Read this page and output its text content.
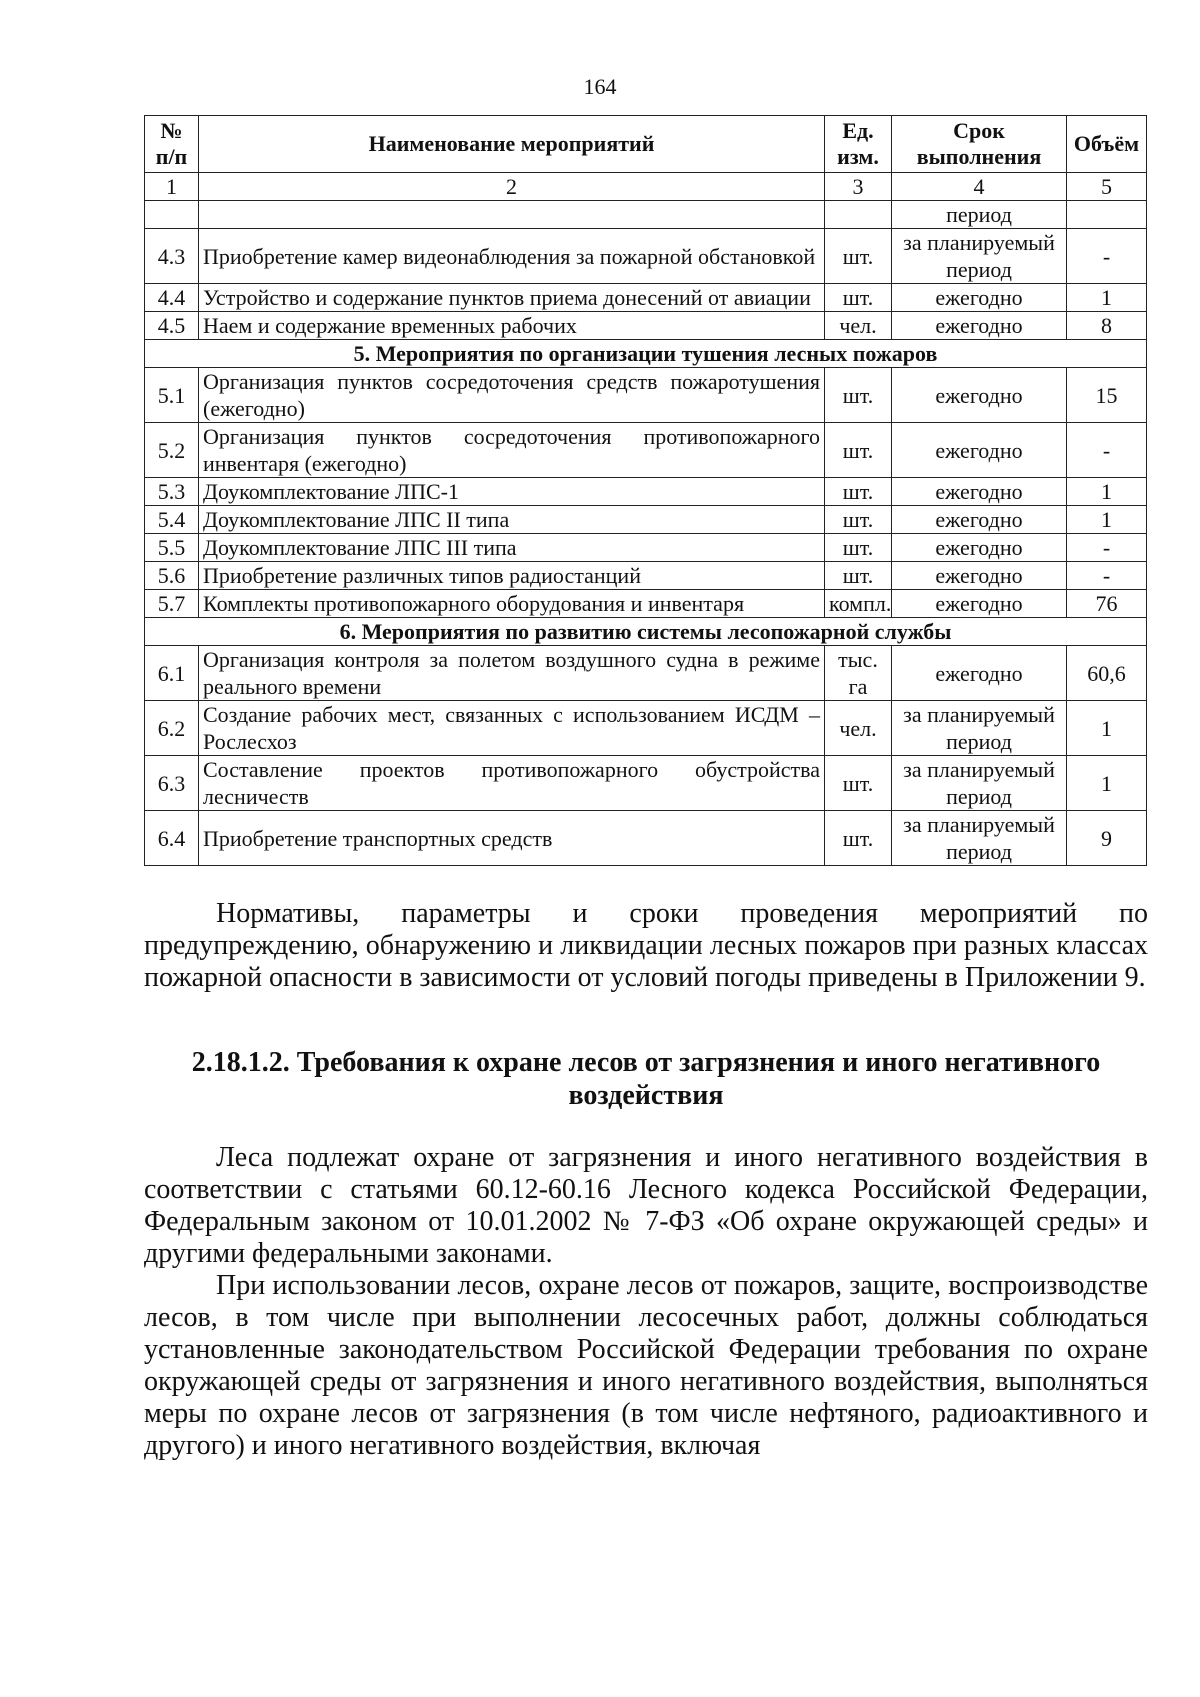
164
№ п/п	Наименование мероприятий	Ед. изм.	Срок выполнения	Объём
1	2	3	4	5
			период	
4.3	Приобретение камер видеонаблюдения за пожарной обстановкой	шт.	за планируемый период	-
4.4	Устройство и содержание пунктов приема донесений от авиации	шт.	ежегодно	1
4.5	Наем и содержание временных рабочих	чел.	ежегодно	8
5. Мероприятия по организации тушения лесных пожаров				
5.1	Организация пунктов сосредоточения средств пожаротушения (ежегодно)	шт.	ежегодно	15
5.2	Организация пунктов сосредоточения противопожарного инвентаря (ежегодно)	шт.	ежегодно	-
5.3	Доукомплектование ЛПС-1	шт.	ежегодно	1
5.4	Доукомплектование ЛПС II типа	шт.	ежегодно	1
5.5	Доукомплектование ЛПС III типа	шт.	ежегодно	-
5.6	Приобретение различных типов радиостанций	шт.	ежегодно	-
5.7	Комплекты противопожарного оборудования и инвентаря	компл.	ежегодно	76
6. Мероприятия по развитию системы лесопожарной службы				
6.1	Организация контроля за полетом воздушного судна в режиме реального времени	тыс. га	ежегодно	60,6
6.2	Создание рабочих мест, связанных с использованием ИСДМ – Рослесхоз	чел.	за планируемый период	1
6.3	Составление проектов противопожарного обустройства лесничеств	шт.	за планируемый период	1
6.4	Приобретение транспортных средств	шт.	за планируемый период	9

Нормативы, параметры и сроки проведения мероприятий по предупреждению, обнаружению и ликвидации лесных пожаров при разных классах пожарной опасности в зависимости от условий погоды приведены в Приложении 9.

2.18.1.2. Требования к охране лесов от загрязнения и иного негативного воздействия

Леса подлежат охране от загрязнения и иного негативного воздействия в соответствии с статьями 60.12-60.16 Лесного кодекса Российской Федерации, Федеральным законом от 10.01.2002 № 7-ФЗ «Об охране окружающей среды» и другими федеральными законами.

При использовании лесов, охране лесов от пожаров, защите, воспроизводстве лесов, в том числе при выполнении лесосечных работ, должны соблюдаться установленные законодательством Российской Федерации требования по охране окружающей среды от загрязнения и иного негативного воздействия, выполняться меры по охране лесов от загрязнения (в том числе нефтяного, радиоактивного и другого) и иного негативного воздействия, включая
